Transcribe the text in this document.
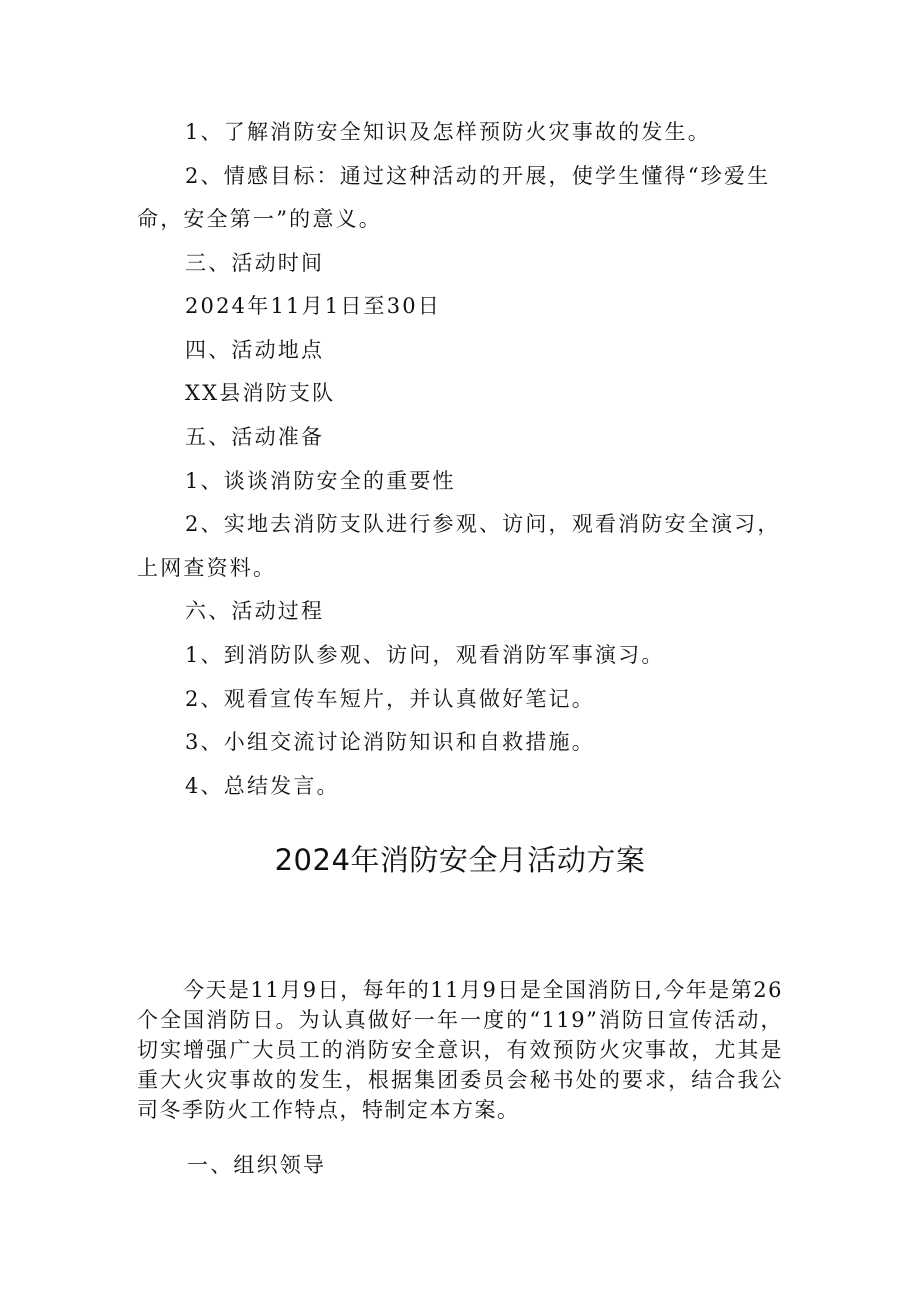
1、了解消防安全知识及怎样预防火灾事故的发生。
2、情感目标：通过这种活动的开展，使学生懂得“珍爱生
命，安全第一”的意义。
三、活动时间
2024年11月1日至30日
四、活动地点
XX县消防支队
五、活动准备
1、谈谈消防安全的重要性
2、实地去消防支队进行参观、访问，观看消防安全演习，
上网查资料。
六、活动过程
1、到消防队参观、访问，观看消防军事演习。
2、观看宣传车短片，并认真做好笔记。
3、小组交流讨论消防知识和自救措施。
4、总结发言。
2024年消防安全月活动方案
今天是11月9日，每年的11月9日是全国消防日,今年是第26个全国消防日。为认真做好一年一度的“119”消防日宣传活动，切实增强广大员工的消防安全意识，有效预防火灾事故，尤其是重大火灾事故的发生，根据集团委员会秘书处的要求，结合我公司冬季防火工作特点，特制定本方案。
一、组织领导
